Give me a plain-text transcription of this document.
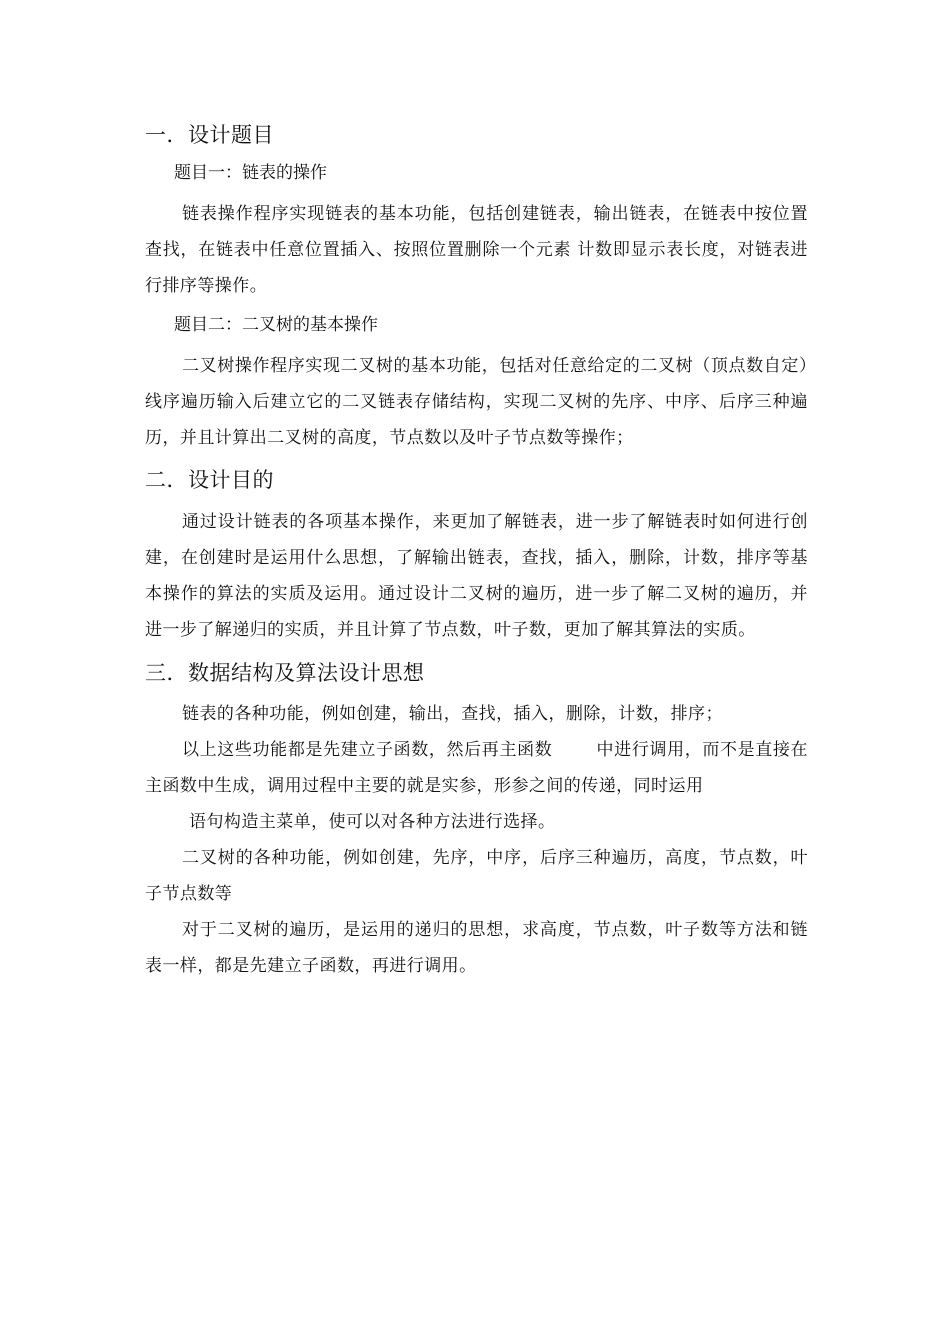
一．设计题目

题目一：链表的操作

链表操作程序实现链表的基本功能，包括创建链表，输出链表，在链表中按位置查找，在链表中任意位置插入、按照位置删除一个元素 计数即显示表长度，对链表进行排序等操作。

题目二：二叉树的基本操作

二叉树操作程序实现二叉树的基本功能，包括对任意给定的二叉树（顶点数自定）线序遍历输入后建立它的二叉链表存储结构，实现二叉树的先序、中序、后序三种遍历，并且计算出二叉树的高度，节点数以及叶子节点数等操作；

二．设计目的

通过设计链表的各项基本操作，来更加了解链表，进一步了解链表时如何进行创建，在创建时是运用什么思想，了解输出链表，查找，插入，删除，计数，排序等基本操作的算法的实质及运用。通过设计二叉树的遍历，进一步了解二叉树的遍历，并进一步了解递归的实质，并且计算了节点数，叶子数，更加了解其算法的实质。

三．数据结构及算法设计思想

链表的各种功能，例如创建，输出，查找，插入，删除，计数，排序；

以上这些功能都是先建立子函数，然后再主函数	中进行调用，而不是直接在主函数中生成，调用过程中主要的就是实参，形参之间的传递，同时运用
语句构造主菜单，使可以对各种方法进行选择。

二叉树的各种功能，例如创建，先序，中序，后序三种遍历，高度，节点数，叶子节点数等

对于二叉树的遍历，是运用的递归的思想，求高度，节点数，叶子数等方法和链表一样，都是先建立子函数，再进行调用。
